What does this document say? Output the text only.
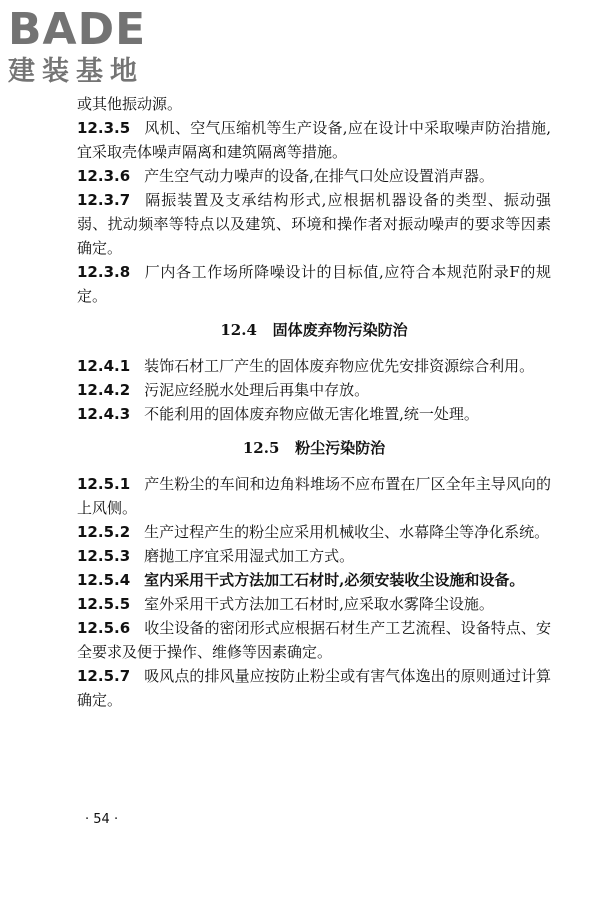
BADE
建装基地

或其他振动源。

12.3.5 风机、空气压缩机等生产设备,应在设计中采取噪声防治措施,宜采取壳体噪声隔离和建筑隔离等措施。

12.3.6 产生空气动力噪声的设备,在排气口处应设置消声器。

12.3.7 隔振装置及支承结构形式,应根据机器设备的类型、振动强弱、扰动频率等特点以及建筑、环境和操作者对振动噪声的要求等因素确定。

12.3.8 厂内各工作场所降噪设计的目标值,应符合本规范附录F的规定。

12.4 固体废弃物污染防治

12.4.1 装饰石材工厂产生的固体废弃物应优先安排资源综合利用。

12.4.2 污泥应经脱水处理后再集中存放。

12.4.3 不能利用的固体废弃物应做无害化堆置,统一处理。

12.5 粉尘污染防治

12.5.1 产生粉尘的车间和边角料堆场不应布置在厂区全年主导风向的上风侧。

12.5.2 生产过程产生的粉尘应采用机械收尘、水幕降尘等净化系统。

12.5.3 磨抛工序宜采用湿式加工方式。

12.5.4 室内采用干式方法加工石材时,必须安装收尘设施和设备。

12.5.5 室外采用干式方法加工石材时,应采取水雾降尘设施。

12.5.6 收尘设备的密闭形式应根据石材生产工艺流程、设备特点、安全要求及便于操作、维修等因素确定。

12.5.7 吸风点的排风量应按防止粉尘或有害气体逸出的原则通过计算确定。

· 54 ·
